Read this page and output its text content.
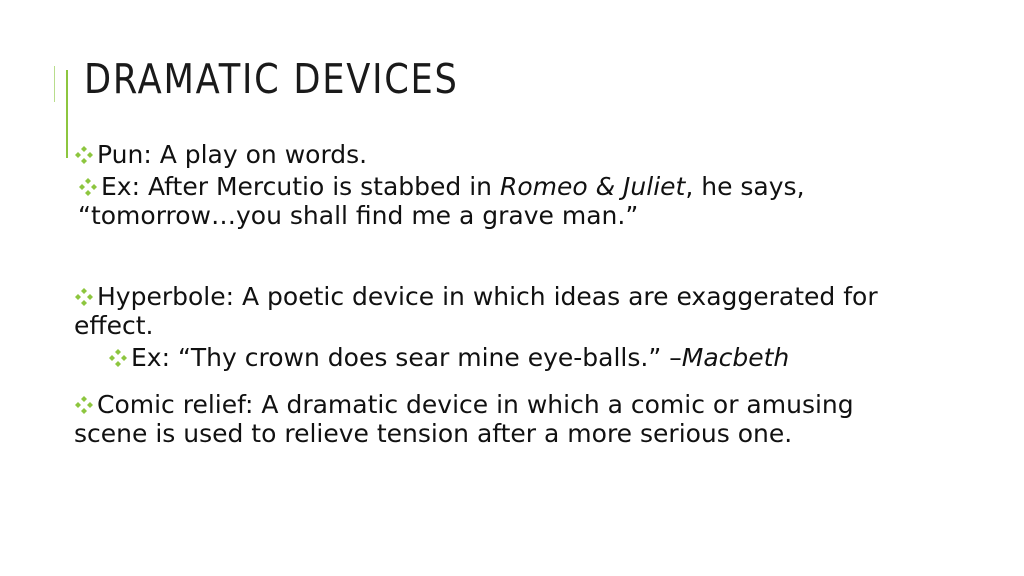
DRAMATIC DEVICES
Pun: A play on words.
Ex: After Mercutio is stabbed in Romeo & Juliet, he says,
“tomorrow…you shall find me a grave man.”
Hyperbole: A poetic device in which ideas are exaggerated for
effect.
Ex: “Thy crown does sear mine eye-balls.” –Macbeth
Comic relief: A dramatic device in which a comic or amusing
scene is used to relieve tension after a more serious one.
